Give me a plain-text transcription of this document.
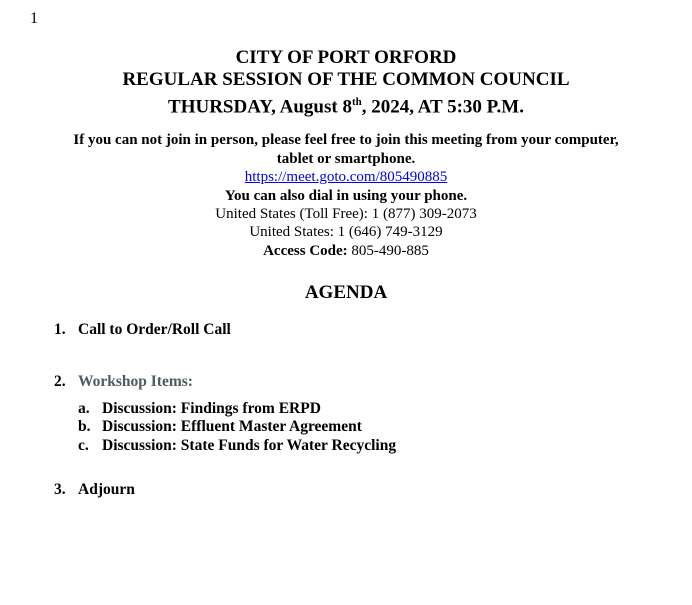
1
CITY OF PORT ORFORD
REGULAR SESSION OF THE COMMON COUNCIL
THURSDAY, August 8th, 2024, AT 5:30 P.M.
If you can not join in person, please feel free to join this meeting from your computer,
tablet or smartphone.
https://meet.goto.com/805490885
You can also dial in using your phone.
United States (Toll Free): 1 (877) 309-2073
United States: 1 (646) 749-3129
Access Code: 805-490-885
AGENDA
1. Call to Order/Roll Call
2. Workshop Items:
a. Discussion: Findings from ERPD
b. Discussion: Effluent Master Agreement
c. Discussion: State Funds for Water Recycling
3. Adjourn
